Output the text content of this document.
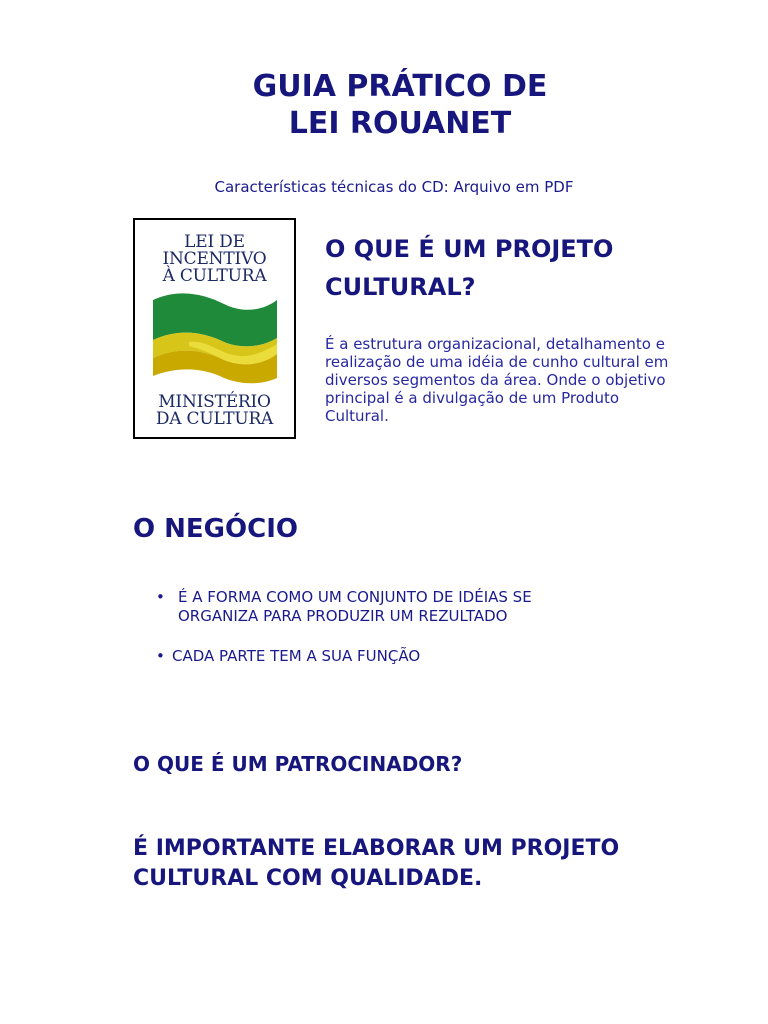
GUIA PRÁTICO DE
LEI ROUANET
Características técnicas do CD: Arquivo em PDF
LEI DE
INCENTIVO
À CULTURA
MINISTÉRIO
DA CULTURA
O QUE É UM PROJETO
CULTURAL?
É a estrutura organizacional, detalhamento e
realização de uma idéia de cunho cultural em
diversos segmentos da área. Onde o objetivo
principal é a divulgação de um Produto
Cultural.
O NEGÓCIO
• É A FORMA COMO UM CONJUNTO DE IDÉIAS SE
ORGANIZA PARA PRODUZIR UM REZULTADO
• CADA PARTE TEM A SUA FUNÇÃO
O QUE É UM PATROCINADOR?
É IMPORTANTE ELABORAR UM PROJETO
CULTURAL COM QUALIDADE.
